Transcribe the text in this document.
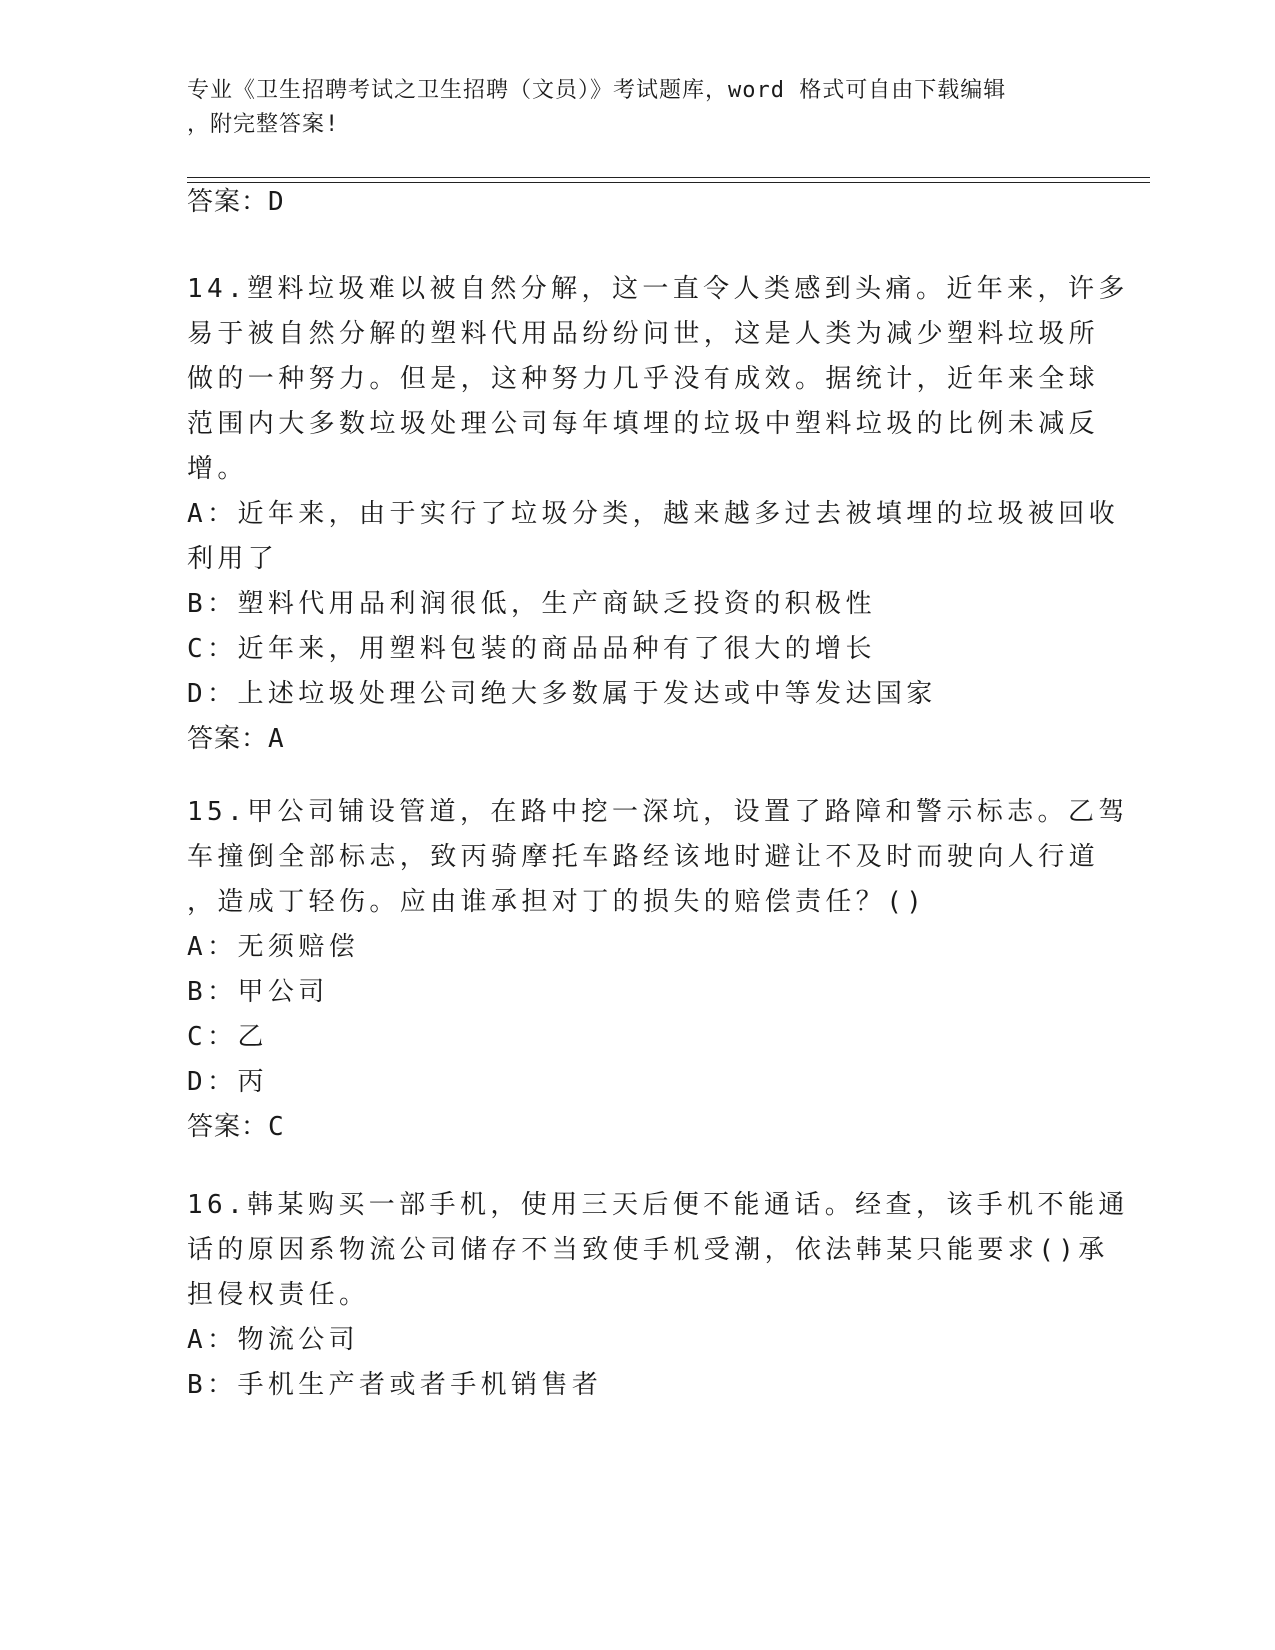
专业《卫生招聘考试之卫生招聘（文员）》考试题库，word 格式可自由下载编辑
，附完整答案!
答案：D
14.塑料垃圾难以被自然分解，这一直令人类感到头痛。近年来，许多
易于被自然分解的塑料代用品纷纷问世，这是人类为减少塑料垃圾所
做的一种努力。但是，这种努力几乎没有成效。据统计，近年来全球
范围内大多数垃圾处理公司每年填埋的垃圾中塑料垃圾的比例未减反
增。
A：近年来，由于实行了垃圾分类，越来越多过去被填埋的垃圾被回收
利用了
B：塑料代用品利润很低，生产商缺乏投资的积极性
C：近年来，用塑料包装的商品品种有了很大的增长
D：上述垃圾处理公司绝大多数属于发达或中等发达国家
答案：A
15.甲公司铺设管道，在路中挖一深坑，设置了路障和警示标志。乙驾
车撞倒全部标志，致丙骑摩托车路经该地时避让不及时而驶向人行道
，造成丁轻伤。应由谁承担对丁的损失的赔偿责任？()
A：无须赔偿
B：甲公司
C：乙
D：丙
答案：C
16.韩某购买一部手机，使用三天后便不能通话。经查，该手机不能通
话的原因系物流公司储存不当致使手机受潮，依法韩某只能要求()承
担侵权责任。
A：物流公司
B：手机生产者或者手机销售者
